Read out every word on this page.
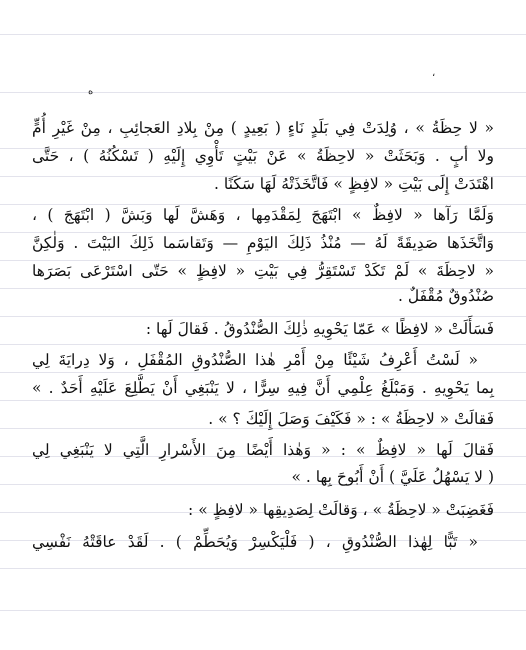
،
ه
« لا حِظَةُ » ، وُلِدَتْ فِي بَلَدٍ نَاءٍ ( بَعِيدٍ ) مِنْ بِلادِ العَجائِبِ ، مِنْ غَيْرِ أُمٍّ
ولا أبٍ . وَبَحَثَتْ « لاحِظَةُ » عَنْ بَيْتٍ تَأْوِي إِلَيْهِ ( تَسْكُنُهُ ) ، حَتَّى
اهْتَدَتْ إِلَى بَيْتِ « لافِظٍ » فَاتَّخَذَتْهُ لَهَا سَكَنًا .
وَلَمَّا رَآها « لافِظٌ » ابْتَهَجَ لِمَقْدَمِها ، وَهَشَّ لَها وَبَشَّ ( ابْتَهَجَ ) ،
وَاتَّخَذَها صَدِيقَةً لَهُ — مُنْذُ ذَلِكَ اليَوْمِ — وَتَقاسَما ذَلِكَ البَيْتَ . وَلٰكِنَّ
« لاحِظَةَ » لَمْ تَكَدْ تَسْتَقِرُّ فِي بَيْتِ « لافِظٍ » حَتّى اسْتَرْعَى بَصَرَها
صُنْدُوقٌ مُقْفَلٌ .
فَسَأَلَتْ « لافِظًا » عَمّا يَحْوِيهِ ذٰلِكَ الصُّنْدُوقُ . فَقالَ لَها :
« لَسْتُ أَعْرِفُ شَيْئًا مِنْ أَمْرِ هٰذا الصُّنْدُوقِ المُقْفَلِ ، وَلا دِرايَةَ لِي
بِما يَحْوِيهِ . وَمَبْلَغُ عِلْمِي أَنَّ فِيهِ سِرًّا ، لا يَنْبَغِي أَنْ يَطَّلِعَ عَلَيْهِ أَحَدٌ . »
فَقالَتْ « لاحِظَةُ » : « فَكَيْفَ وَصَلَ إِلَيْكَ ؟ » .
فَقالَ لَها « لافِظٌ » : « وَهٰذا أَيْضًا مِنَ الأَسْرارِ الَّتِي لا يَنْبَغِي لِي
( لا يَسْهُلُ عَلَيَّ ) أَنْ أَبُوحَ بِها . »
فَغَضِبَتْ « لاحِظَةُ » ، وَقالَتْ لِصَدِيقِها « لافِظٍ » :
« تَبًّا لِهٰذا الصُّنْدُوقِ ، ( فَلْيَكْسِرْ وَيُحَطِّمْ ) . لَقَدْ عاقَتْهُ نَفْسِي
